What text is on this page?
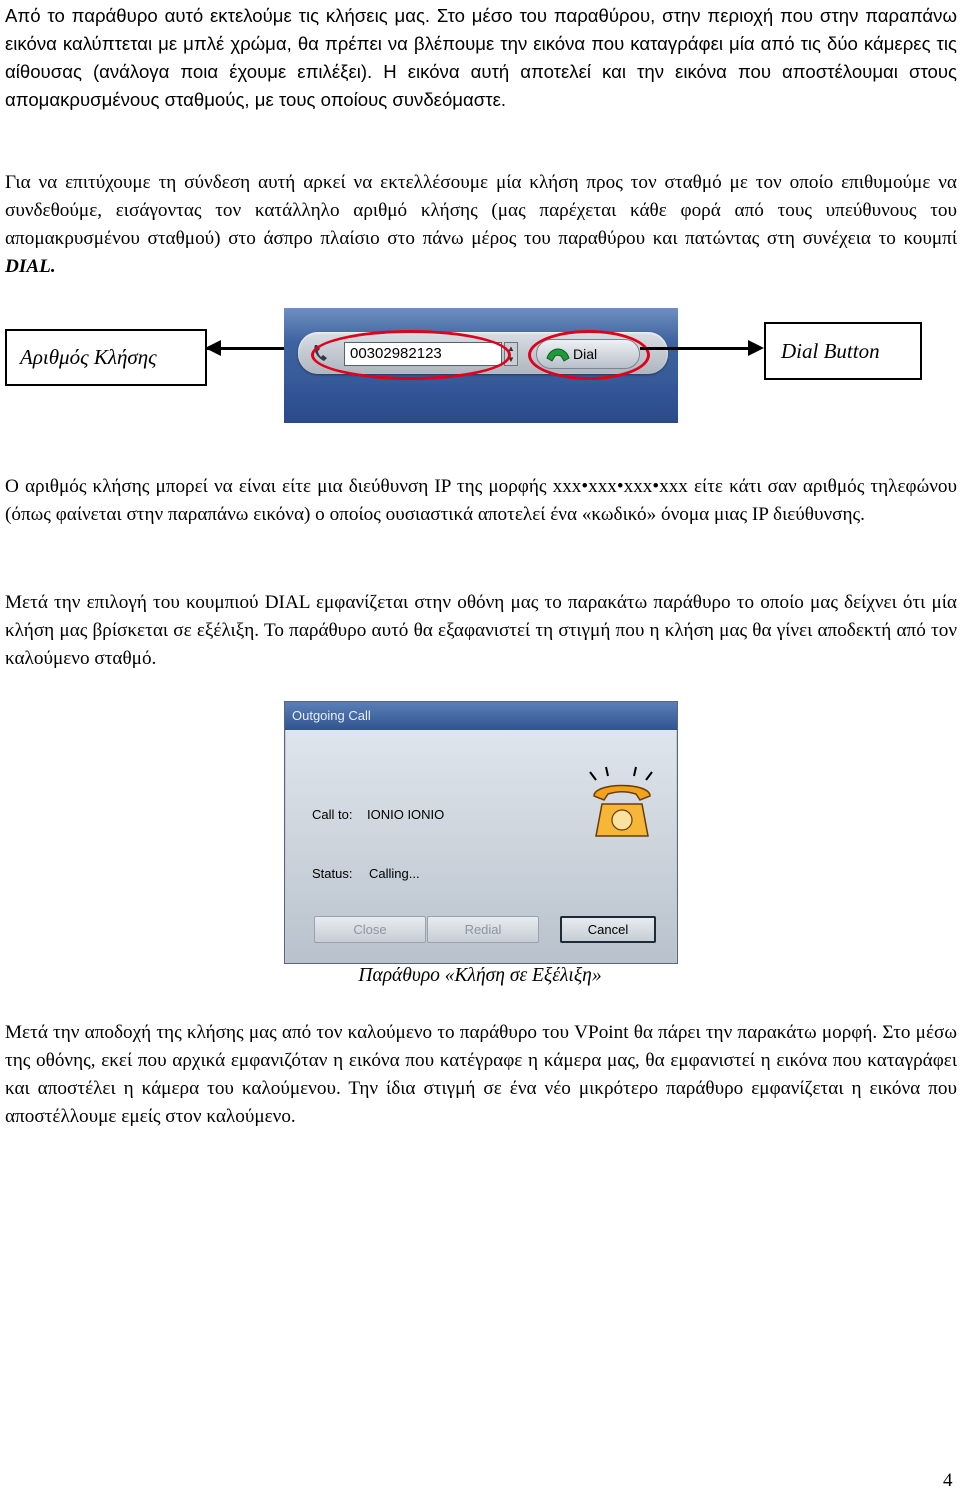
Από το παράθυρο αυτό εκτελούμε τις κλήσεις μας. Στο μέσο του παραθύρου, στην περιοχή που στην παραπάνω εικόνα καλύπτεται με μπλέ χρώμα, θα πρέπει να βλέπουμε την εικόνα που καταγράφει μία από τις δύο κάμερες τις αίθουσας (ανάλογα ποια έχουμε επιλέξει). Η εικόνα αυτή αποτελεί και την εικόνα που αποστέλουμαι στους απομακρυσμένους σταθμούς, με τους οποίους συνδεόμαστε.

Για να επιτύχουμε τη σύνδεση αυτή αρκεί να εκτελλέσουμε μία κλήση προς τον σταθμό με τον οποίο επιθυμούμε να συνδεθούμε, εισάγοντας τον κατάλληλο αριθμό κλήσης (μας παρέχεται κάθε φορά από τους υπεύθυνους του απομακρυσμένου σταθμού) στο άσπρο πλαίσιο στο πάνω μέρος του παραθύρου και πατώντας στη συνέχεια το κουμπί DIAL.

Αριθμός Κλήσης	00302982123	▲
▼	Dial	Dial Button

Ο αριθμός κλήσης μπορεί να είναι είτε μια διεύθυνση IP της μορφής xxx•xxx•xxx•xxx είτε κάτι σαν αριθμός τηλεφώνου (όπως φαίνεται στην παραπάνω εικόνα) ο οποίος ουσιαστικά αποτελεί ένα «κωδικό» όνομα μιας IP διεύθυνσης.

Μετά την επιλογή του κουμπιού DIAL εμφανίζεται στην οθόνη μας το παρακάτω παράθυρο το οποίο μας δείχνει ότι μία κλήση μας βρίσκεται σε εξέλιξη. Το παράθυρο αυτό θα εξαφανιστεί τη στιγμή που η κλήση μας θα γίνει αποδεκτή από τον καλούμενο σταθμό.

Outgoing Call
Call to: IONIO IONIO
Status: Calling...
Close	Redial	Cancel
Παράθυρο «Κλήση σε Εξέλιξη»

Μετά την αποδοχή της κλήσης μας από τον καλούμενο το παράθυρο του VPoint θα πάρει την παρακάτω μορφή. Στο μέσω της οθόνης, εκεί που αρχικά εμφανιζόταν η εικόνα που κατέγραφε η κάμερα μας, θα εμφανιστεί η εικόνα που καταγράφει και αποστέλει η κάμερα του καλούμενου. Την ίδια στιγμή σε ένα νέο μικρότερο παράθυρο εμφανίζεται η εικόνα που αποστέλλουμε εμείς στον καλούμενο.

4
